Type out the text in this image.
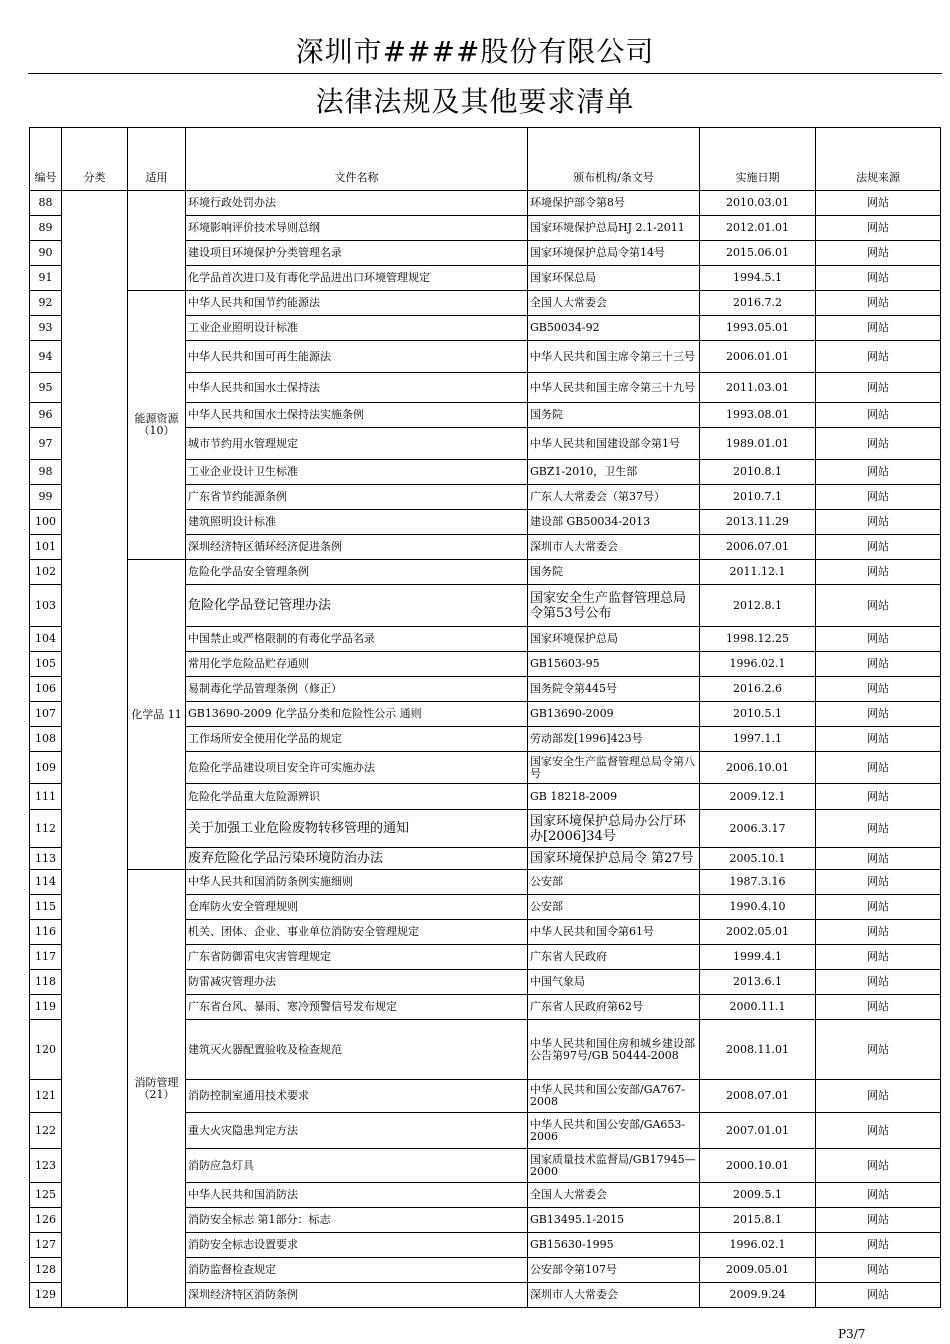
深圳市####股份有限公司
法律法规及其他要求清单
编号	分类	适用	文件名称	颁布机构/条文号	实施日期	法规来源
88			环境行政处罚办法	环境保护部令第8号	2010.03.01	网站
89			环境影响评价技术导则总纲	国家环境保护总局HJ 2.1-2011	2012.01.01	网站
90			建设项目环境保护分类管理名录	国家环境保护总局令第14号	2015.06.01	网站
91			化学品首次进口及有毒化学品进出口环境管理规定	国家环保总局	1994.5.1	网站
92		能源资源（10）	中华人民共和国节约能源法	全国人大常委会	2016.7.2	网站
93			工业企业照明设计标准	GB50034-92	1993.05.01	网站
94			中华人民共和国可再生能源法	中华人民共和国主席令第三十三号	2006.01.01	网站
95			中华人民共和国水土保持法	中华人民共和国主席令第三十九号	2011.03.01	网站
96			中华人民共和国水土保持法实施条例	国务院	1993.08.01	网站
97			城市节约用水管理规定	中华人民共和国建设部令第1号	1989.01.01	网站
98			工业企业设计卫生标准	GBZ1-2010，卫生部	2010.8.1	网站
99			广东省节约能源条例	广东人大常委会（第37号）	2010.7.1	网站
100			建筑照明设计标准	建设部 GB50034-2013	2013.11.29	网站
101			深圳经济特区循环经济促进条例	深圳市人大常委会	2006.07.01	网站
102		化学品 11	危险化学品安全管理条例	国务院	2011.12.1	网站
103			危险化学品登记管理办法	国家安全生产监督管理总局令第53号公布	2012.8.1	网站
104			中国禁止或严格限制的有毒化学品名录	国家环境保护总局	1998.12.25	网站
105			常用化学危险品贮存通则	GB15603-95	1996.02.1	网站
106			易制毒化学品管理条例（修正）	国务院令第445号	2016.2.6	网站
107			GB13690-2009 化学品分类和危险性公示 通则	GB13690-2009	2010.5.1	网站
108			工作场所安全使用化学品的规定	劳动部发[1996]423号	1997.1.1	网站
109			危险化学品建设项目安全许可实施办法	国家安全生产监督管理总局令第八号	2006.10.01	网站
111			危险化学品重大危险源辨识	GB 18218-2009	2009.12.1	网站
112			关于加强工业危险废物转移管理的通知	国家环境保护总局办公厅环办[2006]34号	2006.3.17	网站
113			废弃危险化学品污染环境防治办法	国家环境保护总局令 第27号	2005.10.1	网站
114		消防管理（21）	中华人民共和国消防条例实施细则	公安部	1987.3.16	网站
115			仓库防火安全管理规则	公安部	1990.4.10	网站
116			机关、团体、企业、事业单位消防安全管理规定	中华人民共和国令第61号	2002.05.01	网站
117			广东省防御雷电灾害管理规定	广东省人民政府	1999.4.1	网站
118			防雷减灾管理办法	中国气象局	2013.6.1	网站
119			广东省台风、暴雨、寒冷预警信号发布规定	广东省人民政府第62号	2000.11.1	网站
120			建筑灭火器配置验收及检查规范	中华人民共和国住房和城乡建设部公告第97号/GB 50444-2008	2008.11.01	网站
121			消防控制室通用技术要求	中华人民共和国公安部/GA767-2008	2008.07.01	网站
122			重大火灾隐患判定方法	中华人民共和国公安部/GA653-2006	2007.01.01	网站
123			消防应急灯具	国家质量技术监督局/GB17945—2000	2000.10.01	网站
125			中华人民共和国消防法	全国人大常委会	2009.5.1	网站
126			消防安全标志 第1部分：标志	GB13495.1-2015	2015.8.1	网站
127			消防安全标志设置要求	GB15630-1995	1996.02.1	网站
128			消防监督检查规定	公安部令第107号	2009.05.01	网站
129			深圳经济特区消防条例	深圳市人大常委会	2009.9.24	网站
P3/7
